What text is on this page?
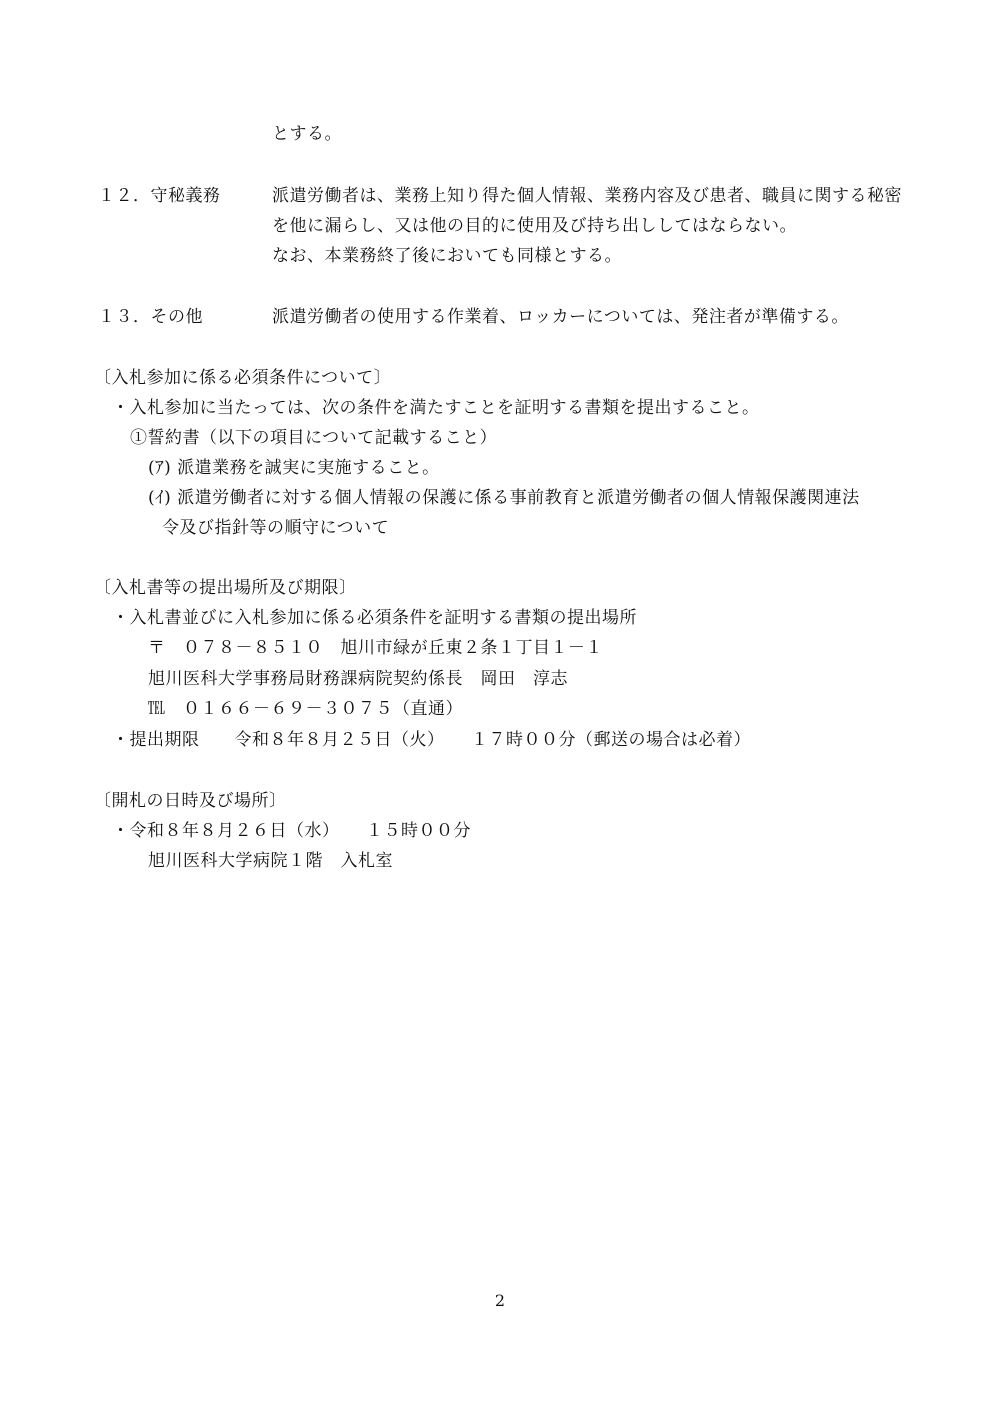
とする。
１２．守秘義務	派遣労働者は、業務上知り得た個人情報、業務内容及び患者、職員に関する秘密
を他に漏らし、又は他の目的に使用及び持ち出ししてはならない。
なお、本業務終了後においても同様とする。
１３．その他	派遣労働者の使用する作業着、ロッカーについては、発注者が準備する。
〔入札参加に係る必須条件について〕
・入札参加に当たっては、次の条件を満たすことを証明する書類を提出すること。
①誓約書（以下の項目について記載すること）
(ｱ) 派遣業務を誠実に実施すること。
(ｲ) 派遣労働者に対する個人情報の保護に係る事前教育と派遣労働者の個人情報保護関連法
令及び指針等の順守について
〔入札書等の提出場所及び期限〕
・入札書並びに入札参加に係る必須条件を証明する書類の提出場所
〒　０７８－８５１０　旭川市緑が丘東２条１丁目１－１
旭川医科大学事務局財務課病院契約係長　岡田　淳志
℡　０１６６－６９－３０７５（直通）
・提出期限　　令和８年８月２５日（火）　　１７時００分（郵送の場合は必着）
〔開札の日時及び場所〕
・令和８年８月２６日（水）　　１５時００分
旭川医科大学病院１階　入札室
2
